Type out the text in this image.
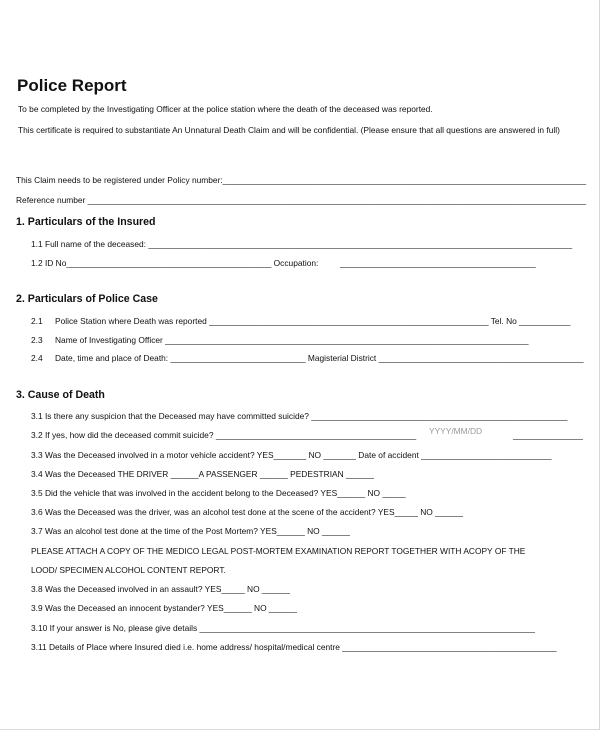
Police Report
To be completed by the Investigating Officer at the police station where the death of the deceased was reported.
This certificate is required to substantiate An Unnatural Death Claim and will be confidential. (Please ensure that all questions are answered in full)
This Claim needs to be registered under Policy number:______________________________________________________________________________
Reference number ___________________________________________________________________________________________________________
1. Particulars of the Insured
1.1 Full name of the deceased: ___________________________________________________________________________________________
1.2 ID No____________________________________________ Occupation:	__________________________________________
2. Particulars of Police Case
2.1 Police Station where Death was reported ____________________________________________________________ Tel. No ___________
2.3 Name of Investigating Officer ______________________________________________________________________________
2.4 Date, time and place of Death: _____________________________ Magisterial District ____________________________________________
3. Cause of Death
3.1 Is there any suspicion that the Deceased may have committed suicide? _______________________________________________________
3.2 If yes, how did the deceased commit suicide? ___________________________________________ YYYY/MM/DD	_______________
3.3 Was the Deceased involved in a motor vehicle accident? YES_______ NO _______ Date of accident ____________________________
3.4 Was the Deceased THE DRIVER ______A PASSENGER ______ PEDESTRIAN ______
3.5 Did the vehicle that was involved in the accident belong to the Deceased? YES______ NO _____
3.6 Was the Deceased was the driver, was an alcohol test done at the scene of the accident? YES_____ NO ______
3.7 Was an alcohol test done at the time of the Post Mortem? YES______ NO ______
PLEASE ATTACH A COPY OF THE MEDICO LEGAL POST-MORTEM EXAMINATION REPORT TOGETHER WITH ACOPY OF THE
LOOD/ SPECIMEN ALCOHOL CONTENT REPORT.
3.8 Was the Deceased involved in an assault? YES_____ NO ______
3.9 Was the Deceased an innocent bystander? YES______ NO ______
3.10 If your answer is No, please give details ________________________________________________________________________
3.11 Details of Place where Insured died i.e. home address/ hospital/medical centre ______________________________________________
